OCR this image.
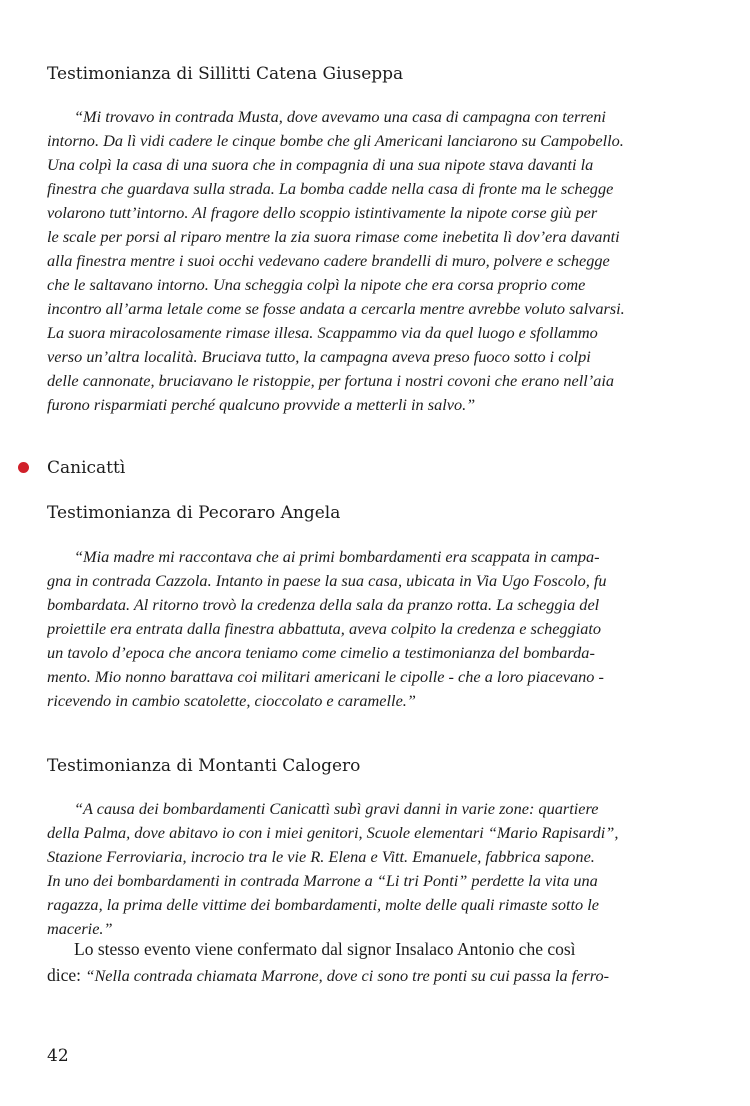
Testimonianza di Sillitti Catena Giuseppa
“Mi trovavo in contrada Musta, dove avevamo una casa di campagna con terreni
intorno. Da lì vidi cadere le cinque bombe che gli Americani lanciarono su Campobello.
Una colpì la casa di una suora che in compagnia di una sua nipote stava davanti la
finestra che guardava sulla strada. La bomba cadde nella casa di fronte ma le schegge
volarono tutt’intorno. Al fragore dello scoppio istintivamente la nipote corse giù per
le scale per porsi al riparo mentre la zia suora rimase come inebetita lì dov’era davanti
alla finestra mentre i suoi occhi vedevano cadere brandelli di muro, polvere e schegge
che le saltavano intorno. Una scheggia colpì la nipote che era corsa proprio come
incontro all’arma letale come se fosse andata a cercarla mentre avrebbe voluto salvarsi.
La suora miracolosamente rimase illesa. Scappammo via da quel luogo e sfollammo
verso un’altra località. Bruciava tutto, la campagna aveva preso fuoco sotto i colpi
delle cannonate, bruciavano le ristoppie, per fortuna i nostri covoni che erano nell’aia
furono risparmiati perché qualcuno provvide a metterli in salvo.”
Canicattì
Testimonianza di Pecoraro Angela
“Mia madre mi raccontava che ai primi bombardamenti era scappata in campa-
gna in contrada Cazzola. Intanto in paese la sua casa, ubicata in Via Ugo Foscolo, fu
bombardata. Al ritorno trovò la credenza della sala da pranzo rotta. La scheggia del
proiettile era entrata dalla finestra abbattuta, aveva colpito la credenza e scheggiato
un tavolo d’epoca che ancora teniamo come cimelio a testimonianza del bombarda-
mento. Mio nonno barattava coi militari americani le cipolle - che a loro piacevano -
ricevendo in cambio scatolette, cioccolato e caramelle.”
Testimonianza di Montanti Calogero
“A causa dei bombardamenti Canicattì subì gravi danni in varie zone: quartiere
della Palma, dove abitavo io con i miei genitori, Scuole elementari “Mario Rapisardi”,
Stazione Ferroviaria, incrocio tra le vie R. Elena e Vitt. Emanuele, fabbrica sapone.
In uno dei bombardamenti in contrada Marrone a “Li tri Ponti” perdette la vita una
ragazza, la prima delle vittime dei bombardamenti, molte delle quali rimaste sotto le
macerie.”
Lo stesso evento viene confermato dal signor Insalaco Antonio che così
dice: “Nella contrada chiamata Marrone, dove ci sono tre ponti su cui passa la ferro-
42
